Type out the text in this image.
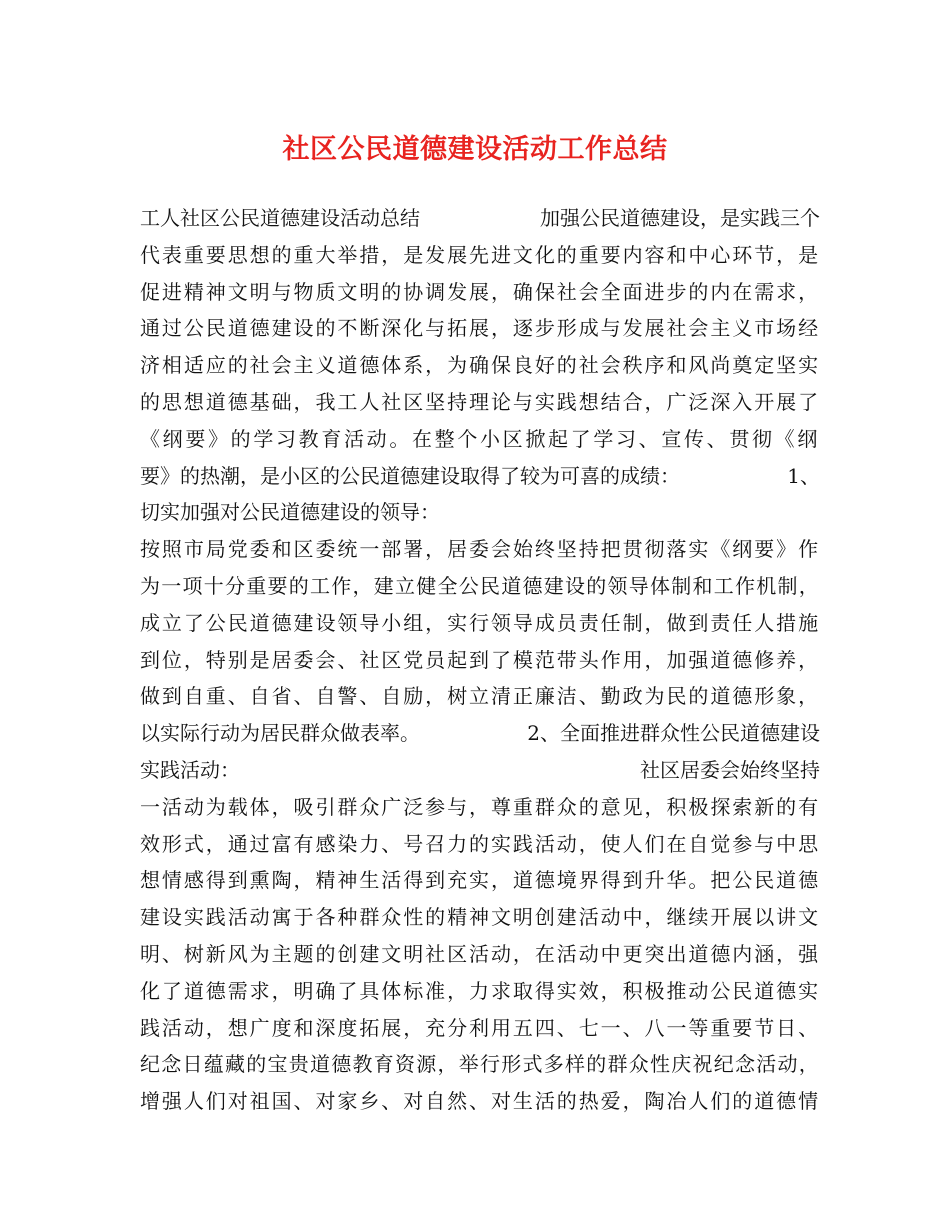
社区公民道德建设活动工作总结
工人社区公民道德建设活动总结	加强公民道德建设，是实践三个
代表重要思想的重大举措，是发展先进文化的重要内容和中心环节，是
促进精神文明与物质文明的协调发展，确保社会全面进步的内在需求，
通过公民道德建设的不断深化与拓展，逐步形成与发展社会主义市场经
济相适应的社会主义道德体系，为确保良好的社会秩序和风尚奠定坚实
的思想道德基础，我工人社区坚持理论与实践想结合，广泛深入开展了
《纲要》的学习教育活动。在整个小区掀起了学习、宣传、贯彻《纲
要》的热潮，是小区的公民道德建设取得了较为可喜的成绩：	1、
切实加强对公民道德建设的领导：
按照市局党委和区委统一部署，居委会始终坚持把贯彻落实《纲要》作
为一项十分重要的工作，建立健全公民道德建设的领导体制和工作机制，
成立了公民道德建设领导小组，实行领导成员责任制，做到责任人措施
到位，特别是居委会、社区党员起到了模范带头作用，加强道德修养，
做到自重、自省、自警、自励，树立清正廉洁、勤政为民的道德形象，
以实际行动为居民群众做表率。	2、全面推进群众性公民道德建设
实践活动：	社区居委会始终坚持
一活动为载体，吸引群众广泛参与，尊重群众的意见，积极探索新的有
效形式，通过富有感染力、号召力的实践活动，使人们在自觉参与中思
想情感得到熏陶，精神生活得到充实，道德境界得到升华。把公民道德
建设实践活动寓于各种群众性的精神文明创建活动中，继续开展以讲文
明、树新风为主题的创建文明社区活动，在活动中更突出道德内涵，强
化了道德需求，明确了具体标准，力求取得实效，积极推动公民道德实
践活动，想广度和深度拓展，充分利用五四、七一、八一等重要节日、
纪念日蕴藏的宝贵道德教育资源，举行形式多样的群众性庆祝纪念活动，
增强人们对祖国、对家乡、对自然、对生活的热爱，陶冶人们的道德情
